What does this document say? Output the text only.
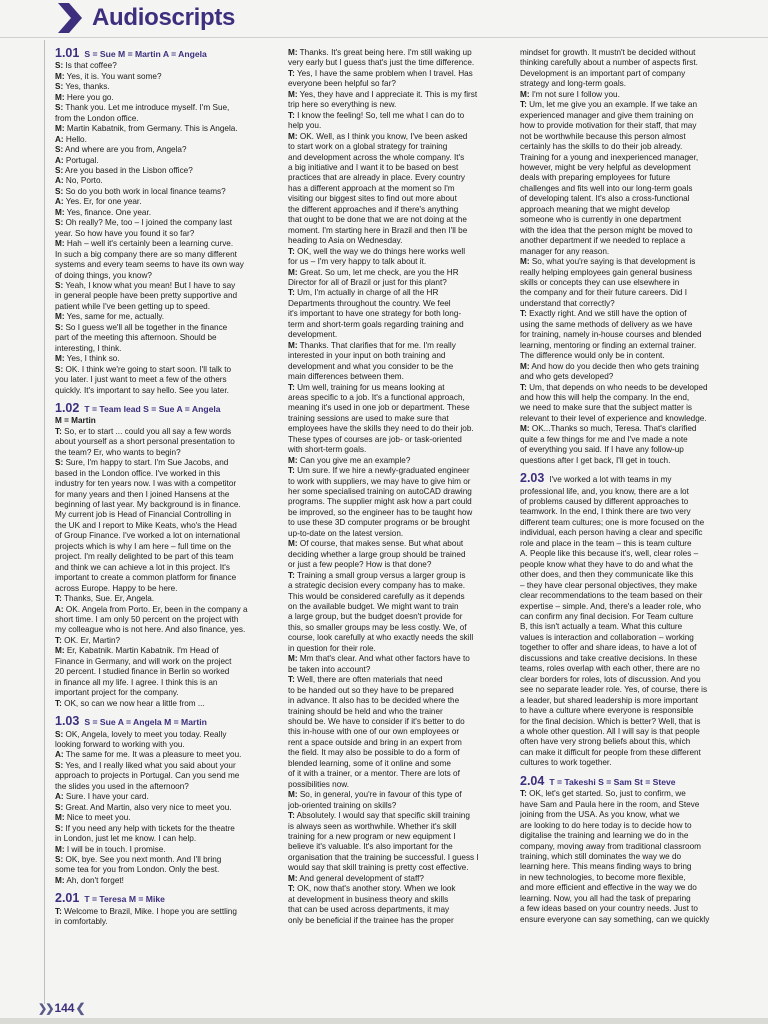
Audioscripts
1.01 S = Sue M = Martin A = Angela
S: Is that coffee?
M: Yes, it is. You want some?
S: Yes, thanks.
M: Here you go.
S: Thank you. Let me introduce myself. I'm Sue,
from the London office.
M: Martin Kabatnik, from Germany. This is Angela.
A: Hello.
S: And where are you from, Angela?
A: Portugal.
S: Are you based in the Lisbon office?
A: No, Porto.
S: So do you both work in local finance teams?
A: Yes. Er, for one year.
M: Yes, finance. One year.
S: Oh really? Me, too – I joined the company last
year. So how have you found it so far?
M: Hah – well it's certainly been a learning curve.
In such a big company there are so many different
systems and every team seems to have its own way
of doing things, you know?
S: Yeah, I know what you mean! But I have to say
in general people have been pretty supportive and
patient while I've been getting up to speed.
M: Yes, same for me, actually.
S: So I guess we'll all be together in the finance
part of the meeting this afternoon. Should be
interesting, I think.
M: Yes, I think so.
S: OK. I think we're going to start soon. I'll talk to
you later. I just want to meet a few of the others
quickly. It's important to say hello. See you later.
1.02 T = Team lead S = Sue A = Angela
M = Martin
T: So, er to start ... could you all say a few words
about yourself as a short personal presentation to
the team? Er, who wants to begin?
S: Sure, I'm happy to start. I'm Sue Jacobs, and
based in the London office. I've worked in this
industry for ten years now. I was with a competitor
for many years and then I joined Hansens at the
beginning of last year. My background is in finance.
My current job is Head of Financial Controlling in
the UK and I report to Mike Keats, who's the Head
of Group Finance. I've worked a lot on international
projects which is why I am here – full time on the
project. I'm really delighted to be part of this team
and think we can achieve a lot in this project. It's
important to create a common platform for finance
across Europe. Happy to be here.
T: Thanks, Sue. Er, Angela.
A: OK. Angela from Porto. Er, been in the company a
short time. I am only 50 percent on the project with
my colleague who is not here. And also finance, yes.
T: OK. Er, Martin?
M: Er, Kabatnik. Martin Kabatnik. I'm Head of
Finance in Germany, and will work on the project
20 percent. I studied finance in Berlin so worked
in finance all my life. I agree. I think this is an
important project for the company.
T: OK, so can we now hear a little from ...
1.03 S = Sue A = Angela M = Martin
S: OK, Angela, lovely to meet you today. Really
looking forward to working with you.
A: The same for me. It was a pleasure to meet you.
S: Yes, and I really liked what you said about your
approach to projects in Portugal. Can you send me
the slides you used in the afternoon?
A: Sure. I have your card.
S: Great. And Martin, also very nice to meet you.
M: Nice to meet you.
S: If you need any help with tickets for the theatre
in London, just let me know. I can help.
M: I will be in touch. I promise.
S: OK, bye. See you next month. And I'll bring
some tea for you from London. Only the best.
M: Ah, don't forget!
2.01 T = Teresa M = Mike
T: Welcome to Brazil, Mike. I hope you are settling
in comfortably.
M: Thanks. It's great being here. I'm still waking up
very early but I guess that's just the time difference.
T: Yes, I have the same problem when I travel. Has
everyone been helpful so far?
M: Yes, they have and I appreciate it. This is my first
trip here so everything is new.
T: I know the feeling! So, tell me what I can do to
help you.
M: OK. Well, as I think you know, I've been asked
to start work on a global strategy for training
and development across the whole company. It's
a big initiative and I want it to be based on best
practices that are already in place. Every country
has a different approach at the moment so I'm
visiting our biggest sites to find out more about
the different approaches and if there's anything
that ought to be done that we are not doing at the
moment. I'm starting here in Brazil and then I'll be
heading to Asia on Wednesday.
T: OK, well the way we do things here works well
for us – I'm very happy to talk about it.
M: Great. So um, let me check, are you the HR
Director for all of Brazil or just for this plant?
T: Um, I'm actually in charge of all the HR
Departments throughout the country. We feel
it's important to have one strategy for both long-
term and short-term goals regarding training and
development.
M: Thanks. That clarifies that for me. I'm really
interested in your input on both training and
development and what you consider to be the
main differences between them.
T: Um well, training for us means looking at
areas specific to a job. It's a functional approach,
meaning it's used in one job or department. These
training sessions are used to make sure that
employees have the skills they need to do their job.
These types of courses are job- or task-oriented
with short-term goals.
M: Can you give me an example?
T: Um sure. If we hire a newly-graduated engineer
to work with suppliers, we may have to give him or
her some specialised training on autoCAD drawing
programs. The supplier might ask how a part could
be improved, so the engineer has to be taught how
to use these 3D computer programs or be brought
up-to-date on the latest version.
M: Of course, that makes sense. But what about
deciding whether a large group should be trained
or just a few people? How is that done?
T: Training a small group versus a larger group is
a strategic decision every company has to make.
This would be considered carefully as it depends
on the available budget. We might want to train
a large group, but the budget doesn't provide for
this, so smaller groups may be less costly. We, of
course, look carefully at who exactly needs the skill
in question for their role.
M: Mm that's clear. And what other factors have to
be taken into account?
T: Well, there are often materials that need
to be handed out so they have to be prepared
in advance. It also has to be decided where the
training should be held and who the trainer
should be. We have to consider if it's better to do
this in-house with one of our own employees or
rent a space outside and bring in an expert from
the field. It may also be possible to do a form of
blended learning, some of it online and some
of it with a trainer, or a mentor. There are lots of
possibilities now.
M: So, in general, you're in favour of this type of
job-oriented training on skills?
T: Absolutely. I would say that specific skill training
is always seen as worthwhile. Whether it's skill
training for a new program or new equipment I
believe it's valuable. It's also important for the
organisation that the training be successful. I guess I
would say that skill training is pretty cost effective.
M: And general development of staff?
T: OK, now that's another story. When we look
at development in business theory and skills
that can be used across departments, it may
only be beneficial if the trainee has the proper
mindset for growth. It mustn't be decided without
thinking carefully about a number of aspects first.
Development is an important part of company
strategy and long-term goals.
M: I'm not sure I follow you.
T: Um, let me give you an example. If we take an
experienced manager and give them training on
how to provide motivation for their staff, that may
not be worthwhile because this person almost
certainly has the skills to do their job already.
Training for a young and inexperienced manager,
however, might be very helpful as development
deals with preparing employees for future
challenges and fits well into our long-term goals
of developing talent. It's also a cross-functional
approach meaning that we might develop
someone who is currently in one department
with the idea that the person might be moved to
another department if we needed to replace a
manager for any reason.
M: So, what you're saying is that development is
really helping employees gain general business
skills or concepts they can use elsewhere in
the company and for their future careers. Did I
understand that correctly?
T: Exactly right. And we still have the option of
using the same methods of delivery as we have
for training, namely in-house courses and blended
learning, mentoring or finding an external trainer.
The difference would only be in content.
M: And how do you decide then who gets training
and who gets developed?
T: Um, that depends on who needs to be developed
and how this will help the company. In the end,
we need to make sure that the subject matter is
relevant to their level of experience and knowledge.
M: OK...Thanks so much, Teresa. That's clarified
quite a few things for me and I've made a note
of everything you said. If I have any follow-up
questions after I get back, I'll get in touch.
2.03 I've worked a lot with teams in my
professional life, and, you know, there are a lot
of problems caused by different approaches to
teamwork. In the end, I think there are two very
different team cultures; one is more focused on the
individual, each person having a clear and specific
role and place in the team – this is team culture
A. People like this because it's, well, clear roles –
people know what they have to do and what the
other does, and then they communicate like this
– they have clear personal objectives, they make
clear recommendations to the team based on their
expertise – simple. And, there's a leader role, who
can confirm any final decision. For Team culture
B, this isn't actually a team. What this culture
values is interaction and collaboration – working
together to offer and share ideas, to have a lot of
discussions and take creative decisions. In these
teams, roles overlap with each other, there are no
clear borders for roles, lots of discussion. And you
see no separate leader role. Yes, of course, there is
a leader, but shared leadership is more important
to have a culture where everyone is responsible
for the final decision. Which is better? Well, that is
a whole other question. All I will say is that people
often have very strong beliefs about this, which
can make it difficult for people from these different
cultures to work together.
2.04 T = Takeshi S = Sam St = Steve
T: OK, let's get started. So, just to confirm, we
have Sam and Paula here in the room, and Steve
joining from the USA. As you know, what we
are looking to do here today is to decide how to
digitalise the training and learning we do in the
company, moving away from traditional classroom
training, which still dominates the way we do
learning here. This means finding ways to bring
in new technologies, to become more flexible,
and more efficient and effective in the way we do
learning. Now, you all had the task of preparing
a few ideas based on your country needs. Just to
ensure everyone can say something, can we quickly
❯❯ 144 ❮
